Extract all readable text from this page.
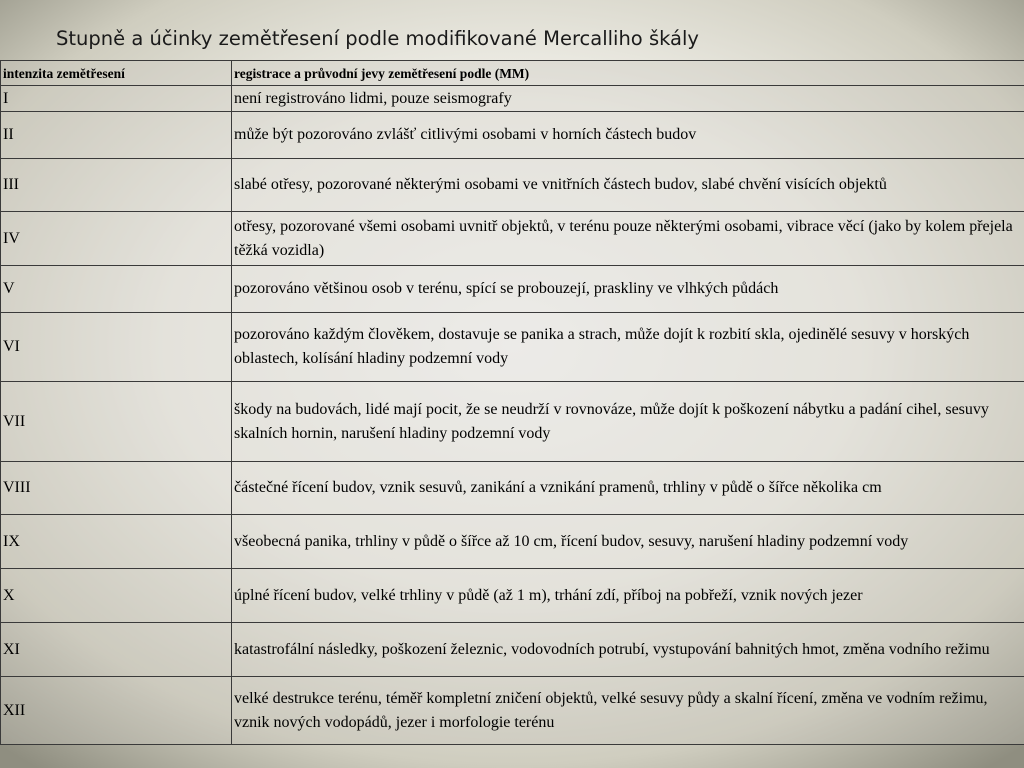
Stupně a účinky zemětřesení podle modifikované Mercalliho škály
intenzita zemětřesení	registrace a průvodní jevy zemětřesení podle (MM)
I	není registrováno lidmi, pouze seismografy
II	může být pozorováno zvlášť citlivými osobami v horních částech budov
III	slabé otřesy, pozorované některými osobami ve vnitřních částech budov, slabé chvění visících objektů
IV	otřesy, pozorované všemi osobami uvnitř objektů, v terénu pouze některými osobami, vibrace věcí (jako by kolem přejela těžká vozidla)
V	pozorováno většinou osob v terénu, spící se probouzejí, praskliny ve vlhkých půdách
VI	pozorováno každým člověkem, dostavuje se panika a strach, může dojít k rozbití skla, ojedinělé sesuvy v horských oblastech, kolísání hladiny podzemní vody
VII	škody na budovách, lidé mají pocit, že se neudrží v rovnováze, může dojít k poškození nábytku a padání cihel, sesuvy skalních hornin, narušení hladiny podzemní vody
VIII	částečné řícení budov, vznik sesuvů, zanikání a vznikání pramenů, trhliny v půdě o šířce několika cm
IX	všeobecná panika, trhliny v půdě o šířce až 10 cm, řícení budov, sesuvy, narušení hladiny podzemní vody
X	úplné řícení budov, velké trhliny v půdě (až 1 m), trhání zdí, příboj na pobřeží, vznik nových jezer
XI	katastrofální následky, poškození železnic, vodovodních potrubí, vystupování bahnitých hmot, změna vodního režimu
XII	velké destrukce terénu, téměř kompletní zničení objektů, velké sesuvy půdy a skalní řícení, změna ve vodním režimu, vznik nových vodopádů, jezer i morfologie terénu
